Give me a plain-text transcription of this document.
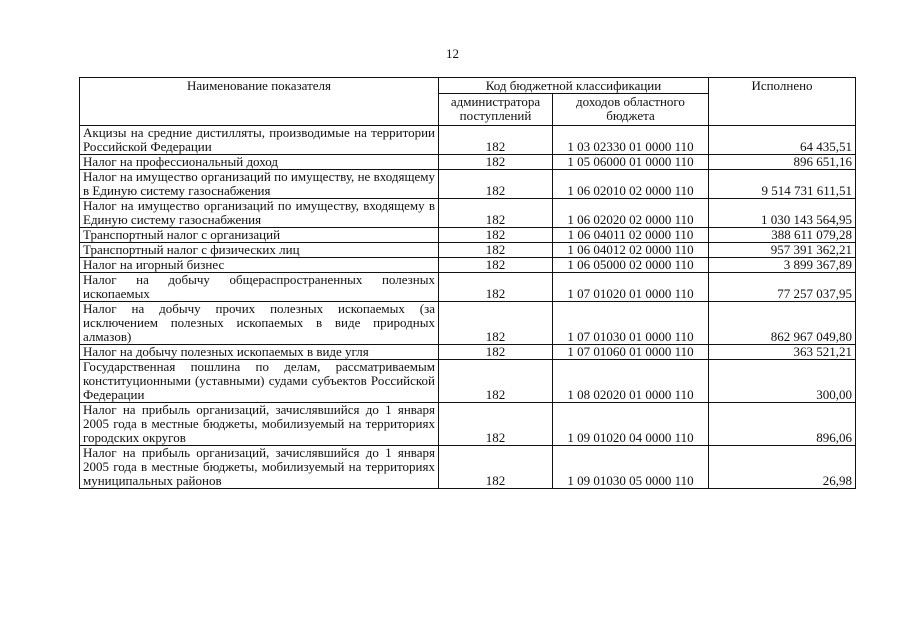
12
Наименование показателя	Код бюджетной классификации		Исполнено
	администратора поступлений	доходов областного бюджета	
Акцизы на средние дистилляты, производимые на территории Российской Федерации	182	1 03 02330 01 0000 110	64 435,51
Налог на профессиональный доход	182	1 05 06000 01 0000 110	896 651,16
Налог на имущество организаций по имуществу, не входящему в Единую систему газоснабжения	182	1 06 02010 02 0000 110	9 514 731 611,51
Налог на имущество организаций по имуществу, входящему в Единую систему газоснабжения	182	1 06 02020 02 0000 110	1 030 143 564,95
Транспортный налог с организаций	182	1 06 04011 02 0000 110	388 611 079,28
Транспортный налог с физических лиц	182	1 06 04012 02 0000 110	957 391 362,21
Налог на игорный бизнес	182	1 06 05000 02 0000 110	3 899 367,89
Налог на добычу общераспространенных полезных ископаемых	182	1 07 01020 01 0000 110	77 257 037,95
Налог на добычу прочих полезных ископаемых (за исключением полезных ископаемых в виде природных алмазов)	182	1 07 01030 01 0000 110	862 967 049,80
Налог на добычу полезных ископаемых в виде угля	182	1 07 01060 01 0000 110	363 521,21
Государственная пошлина по делам, рассматриваемым конституционными (уставными) судами субъектов Российской Федерации	182	1 08 02020 01 0000 110	300,00
Налог на прибыль организаций, зачислявшийся до 1 января 2005 года в местные бюджеты, мобилизуемый на территориях городских округов	182	1 09 01020 04 0000 110	896,06
Налог на прибыль организаций, зачислявшийся до 1 января 2005 года в местные бюджеты, мобилизуемый на территориях муниципальных районов	182	1 09 01030 05 0000 110	26,98
